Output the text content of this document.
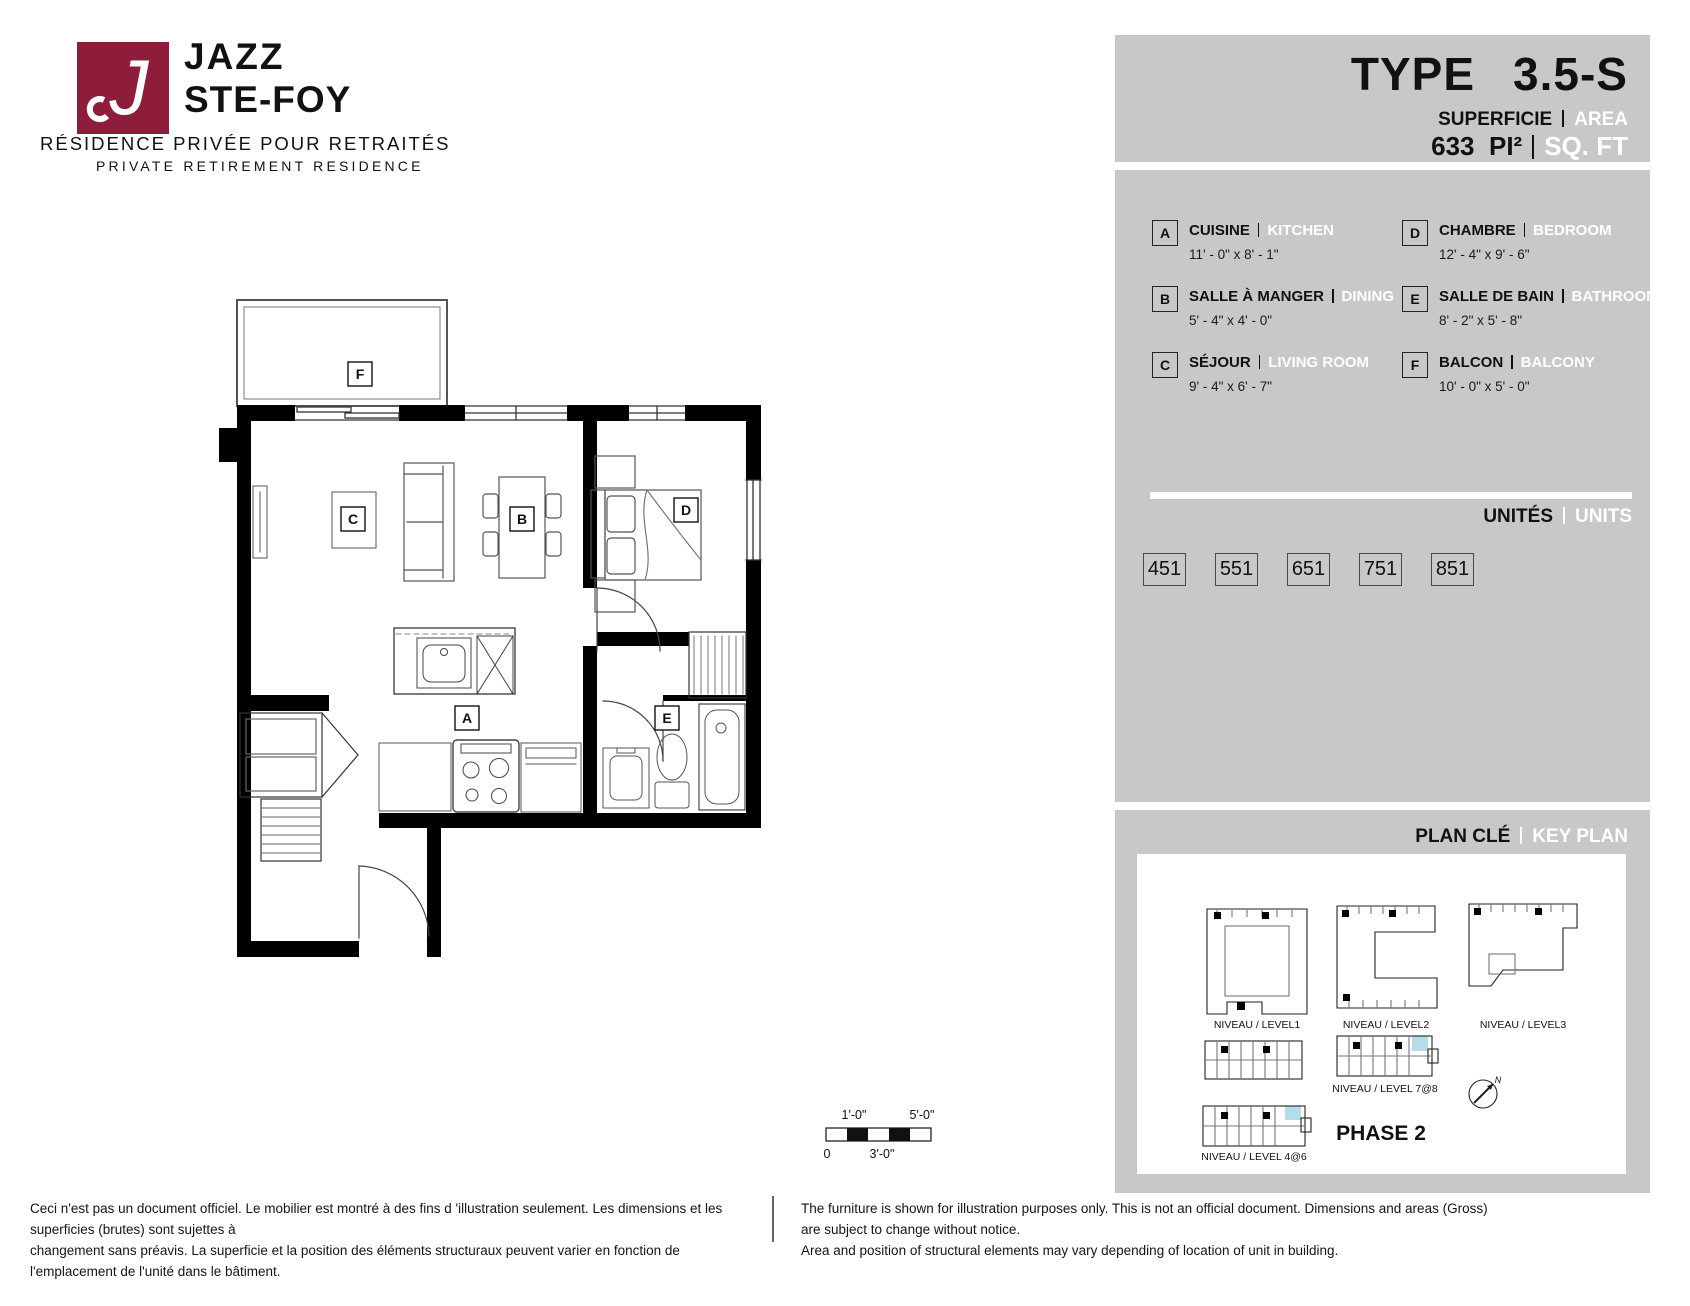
J JAZZ
STE-FOY
RÉSIDENCE PRIVÉE POUR RETRAITÉS
PRIVATE RETIREMENT RESIDENCE
F
C	B
D
A	E
TYPE 3.5-S
SUPERFICIE AREA
633 PI² SQ. FT
A	CUISINE KITCHEN
11' - 0" x 8' - 1"
D	CHAMBRE BEDROOM
12' - 4" x 9' - 6"
B	SALLE À MANGER DINING
5' - 4" x 4' - 0"
E	SALLE DE BAIN BATHROOM
8' - 2" x 5' - 8"
C	SÉJOUR LIVING ROOM
9' - 4" x 6' - 7"
F	BALCON BALCONY
10' - 0" x 5' - 0"
UNITÉS UNITS
451 551 651 751 851
PLAN CLÉ KEY PLAN
NIVEAU / LEVEL1	NIVEAU / LEVEL2	NIVEAU / LEVEL3
NIVEAU / LEVEL 7@8
NIVEAU / LEVEL 4@6
N
PHASE 2
1'-0"	5'-0"
0	3'-0"
Ceci n'est pas un document officiel. Le mobilier est montré à des fins d 'illustration seulement. Les dimensions et les superficies (brutes) sont sujettes à
changement sans préavis. La superficie et la position des éléments structuraux peuvent varier en fonction de l'emplacement de l'unité dans le bâtiment.
The furniture is shown for illustration purposes only. This is not an official document. Dimensions and areas (Gross) are subject to change without notice.
Area and position of structural elements may vary depending of location of unit in building.
